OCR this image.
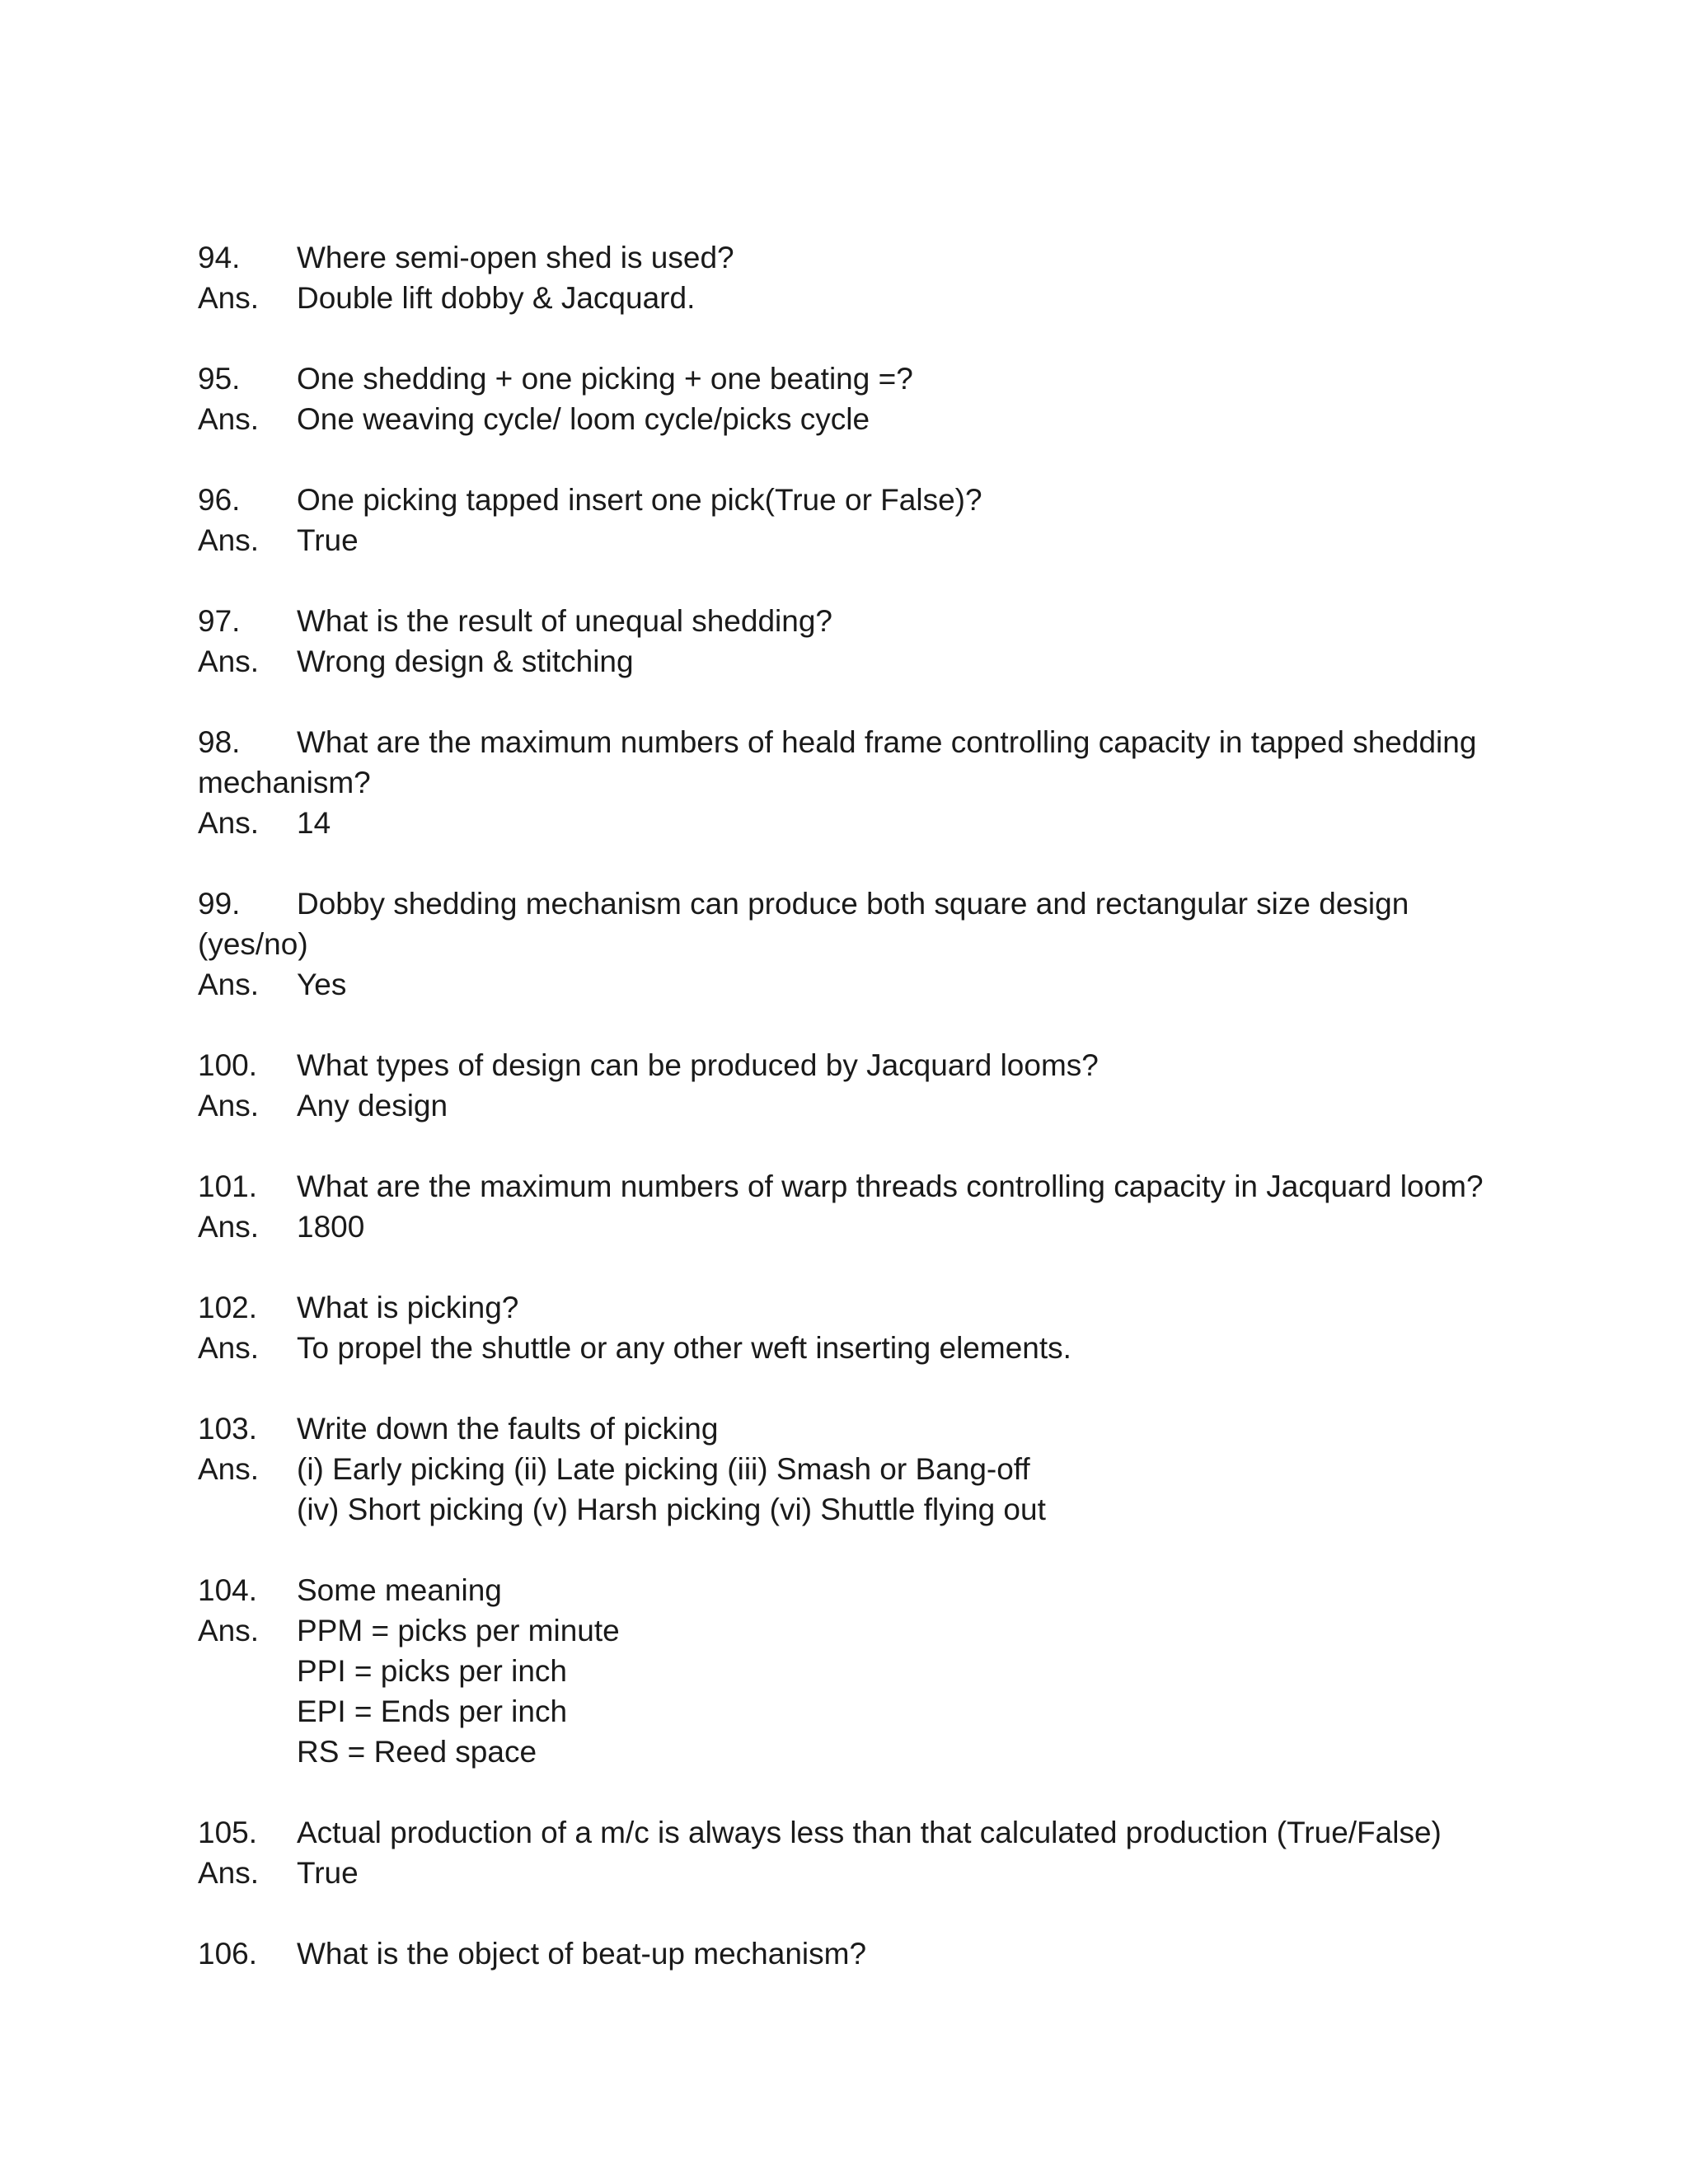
94.	Where semi-open shed is used?
Ans.	Double lift dobby & Jacquard.
95.	One shedding + one picking + one beating =?
Ans.	One weaving cycle/ loom cycle/picks cycle
96.	One picking tapped insert one pick(True or False)?
Ans.	True
97.	What is the result of unequal shedding?
Ans.	Wrong design & stitching
98.	What are the maximum numbers of heald frame controlling capacity in tapped shedding
mechanism?
Ans.	14
99.	Dobby shedding mechanism can produce both square and rectangular size design
(yes/no)
Ans.	Yes
100.	What types of design can be produced by Jacquard looms?
Ans.	Any design
101.	What are the maximum numbers of warp threads controlling capacity in Jacquard loom?
Ans.	1800
102.	What is picking?
Ans.	To propel the shuttle or any other weft inserting elements.
103.	Write down the faults of picking
Ans.	(i) Early picking (ii) Late picking (iii) Smash or Bang-off
(iv) Short picking (v) Harsh picking (vi) Shuttle flying out
104.	Some meaning
Ans.	PPM = picks per minute
PPI = picks per inch
EPI = Ends per inch
RS = Reed space
105.	Actual production of a m/c is always less than that calculated production (True/False)
Ans.	True
106.	What is the object of beat-up mechanism?
